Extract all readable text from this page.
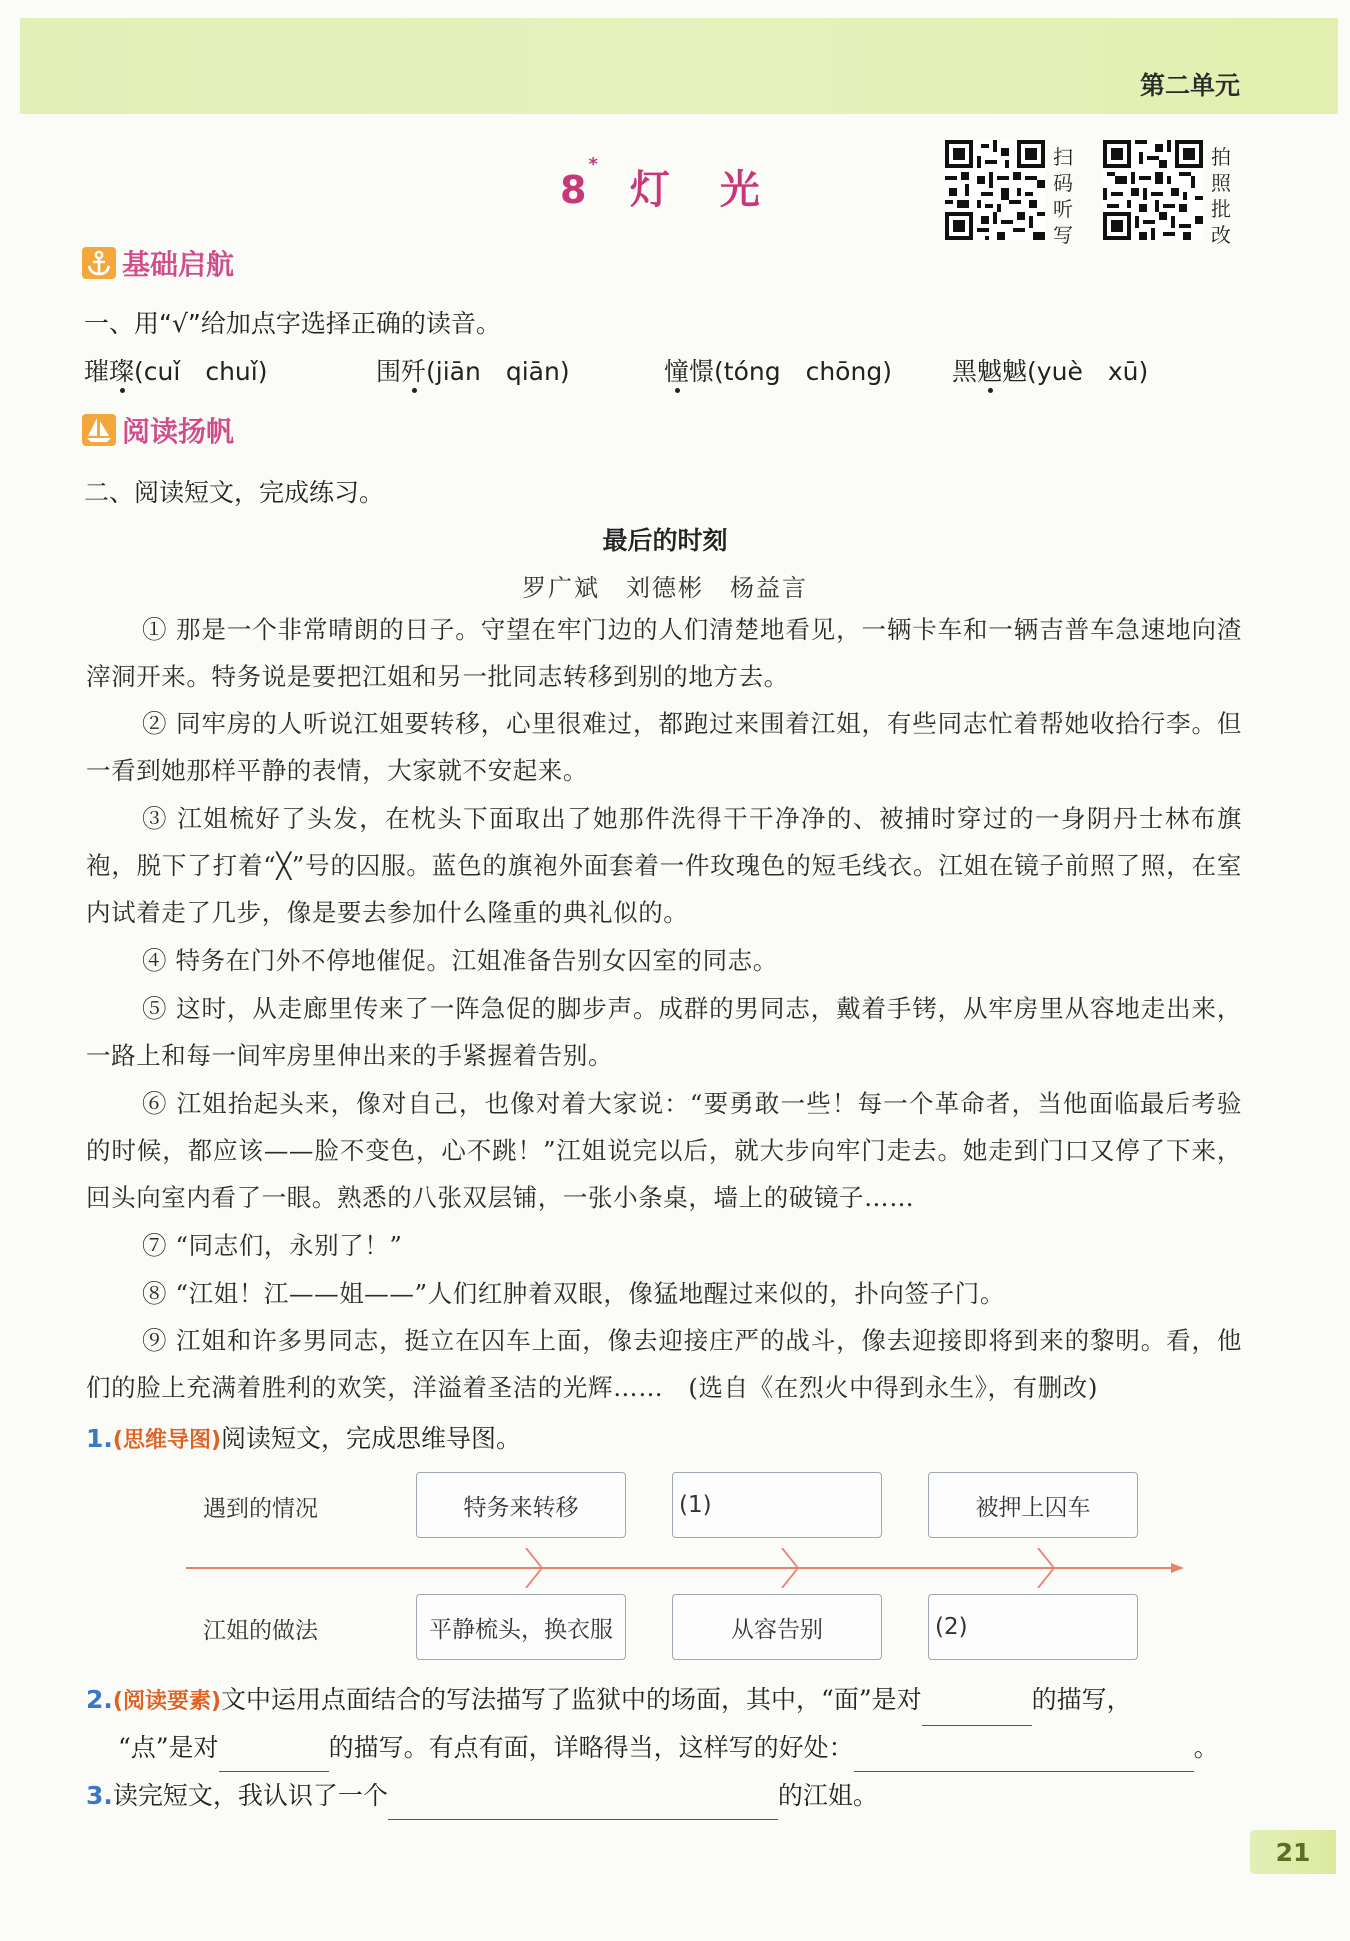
第二单元
8*灯 光
扫
码
听
写
拍
照
批
改
基础启航
一、用“√”给加点字选择正确的读音。
璀璨(cuǐ　chuǐ)	围歼(jiān　qiān)	憧憬(tóng　chōng) 黑魆魆(yuè　xū)
阅读扬帆
二、阅读短文，完成练习。
最后的时刻
罗广斌　刘德彬　杨益言
① 那是一个非常晴朗的日子。守望在牢门边的人们清楚地看见，一辆卡车和一辆吉普车急速地向渣滓洞开来。特务说是要把江姐和另一批同志转移到别的地方去。
② 同牢房的人听说江姐要转移，心里很难过，都跑过来围着江姐，有些同志忙着帮她收拾行李。但一看到她那样平静的表情，大家就不安起来。
③ 江姐梳好了头发，在枕头下面取出了她那件洗得干干净净的、被捕时穿过的一身阴丹士林布旗袍，脱下了打着“╳”号的囚服。蓝色的旗袍外面套着一件玫瑰色的短毛线衣。江姐在镜子前照了照，在室内试着走了几步，像是要去参加什么隆重的典礼似的。
④ 特务在门外不停地催促。江姐准备告别女囚室的同志。
⑤ 这时，从走廊里传来了一阵急促的脚步声。成群的男同志，戴着手铐，从牢房里从容地走出来，一路上和每一间牢房里伸出来的手紧握着告别。
⑥ 江姐抬起头来，像对自己，也像对着大家说：“要勇敢一些！每一个革命者，当他面临最后考验的时候，都应该——脸不变色，心不跳！”江姐说完以后，就大步向牢门走去。她走到门口又停了下来，回头向室内看了一眼。熟悉的八张双层铺，一张小条桌，墙上的破镜子……
⑦ “同志们，永别了！”
⑧ “江姐！江——姐——”人们红肿着双眼，像猛地醒过来似的，扑向签子门。
⑨ 江姐和许多男同志，挺立在囚车上面，像去迎接庄严的战斗，像去迎接即将到来的黎明。看，他们的脸上充满着胜利的欢笑，洋溢着圣洁的光辉……　(选自《在烈火中得到永生》，有删改)
1.(思维导图)阅读短文，完成思维导图。
遇到的情况
江姐的做法
特务来转移	(1)	被押上囚车
平静梳头，换衣服	从容告别	(2)
2.(阅读要素)文中运用点面结合的写法描写了监狱中的场面，其中，“面”是对	的描写，
“点”是对	的描写。有点有面，详略得当，这样写的好处：	。
3.读完短文，我认识了一个	的江姐。
21
